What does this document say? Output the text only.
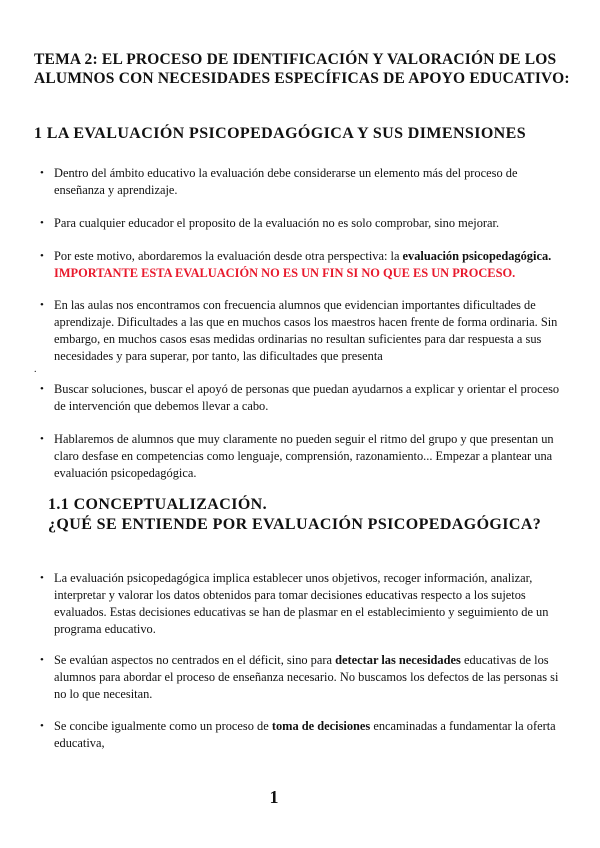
TEMA 2: EL PROCESO DE IDENTIFICACIÓN Y VALORACIÓN DE LOS ALUMNOS CON NECESIDADES ESPECÍFICAS DE APOYO EDUCATIVO:
1 LA EVALUACIÓN PSICOPEDAGÓGICA Y SUS DIMENSIONES
• Dentro del ámbito educativo la evaluación debe considerarse un elemento más del proceso de enseñanza y aprendizaje.
• Para cualquier educador el proposito de la evaluación no es solo comprobar, sino mejorar.
• Por este motivo, abordaremos la evaluación desde otra perspectiva: la evaluación psicopedagógica.
IMPORTANTE ESTA EVALUACIÓN NO ES UN FIN SI NO QUE ES UN PROCESO.
• En las aulas nos encontramos con frecuencia alumnos que evidencian importantes dificultades de aprendizaje. Dificultades a las que en muchos casos los maestros hacen frente de forma ordinaria. Sin embargo, en muchos casos esas medidas ordinarias no resultan suficientes para dar respuesta a sus necesidades y para superar, por tanto, las dificultades que presenta
.
• Buscar soluciones, buscar el apoyó de personas que puedan ayudarnos a explicar y orientar el proceso de intervención que debemos llevar a cabo.
• Hablaremos de alumnos que muy claramente no pueden seguir el ritmo del grupo y que presentan un claro desfase en competencias como lenguaje, comprensión, razonamiento... Empezar a plantear una evaluación psicopedagógica.
1.1 CONCEPTUALIZACIÓN.
¿QUÉ SE ENTIENDE POR EVALUACIÓN PSICOPEDAGÓGICA?
• La evaluación psicopedagógica implica establecer unos objetivos, recoger información, analizar, interpretar y valorar los datos obtenidos para tomar decisiones educativas respecto a los sujetos evaluados. Estas decisiones educativas se han de plasmar en el establecimiento y seguimiento de un programa educativo.
• Se evalúan aspectos no centrados en el déficit, sino para detectar las necesidades educativas de los alumnos para abordar el proceso de enseñanza necesario. No buscamos los defectos de las personas si no lo que necesitan.
• Se concibe igualmente como un proceso de toma de decisiones encaminadas a fundamentar la oferta educativa,
1
